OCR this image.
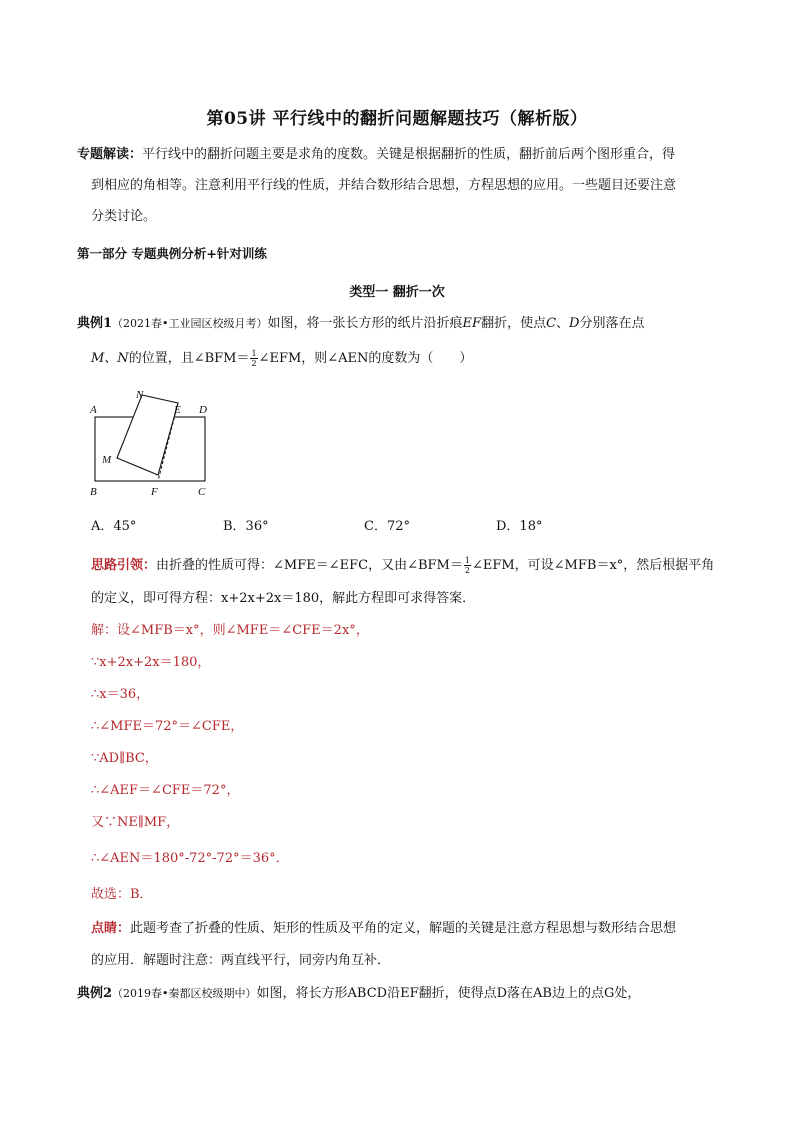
第05讲 平行线中的翻折问题解题技巧（解析版）
专题解读：平行线中的翻折问题主要是求角的度数。关键是根据翻折的性质，翻折前后两个图形重合，得
到相应的角相等。注意利用平行线的性质，并结合数形结合思想，方程思想的应用。一些题目还要注意
分类讨论。
第一部分 专题典例分析+针对训练
类型一 翻折一次
典例1（2021春•工业园区校级月考）如图，将一张长方形的纸片沿折痕EF翻折，使点C、D分别落在点
M、N的位置，且∠BFM＝ $\frac{1}{2}$ ∠EFM，则∠AEN的度数为（　　）
A
N
E D
M
B	F	C
A．45°	B．36°	C．72°	D．18°
思路引领：由折叠的性质可得：∠MFE＝∠EFC，又由∠BFM＝ $\frac{1}{2}$ ∠EFM，可设∠MFB＝x°，然后根据平角
的定义，即可得方程：x+2x+2x＝180，解此方程即可求得答案．
解：设∠MFB＝x°，则∠MFE＝∠CFE＝2x°，
∵x+2x+2x＝180，
∴x＝36，
∴∠MFE＝72°＝∠CFE，
∵AD∥BC，
∴∠AEF＝∠CFE＝72°，
又∵NE∥MF，
∴∠AEN＝180°-72°-72°＝36°．
故选：B．
点睛：此题考查了折叠的性质、矩形的性质及平角的定义，解题的关键是注意方程思想与数形结合思想
的应用．解题时注意：两直线平行，同旁内角互补．
典例2（2019春•秦都区校级期中）如图，将长方形ABCD沿EF翻折，使得点D落在AB边上的点G处，
